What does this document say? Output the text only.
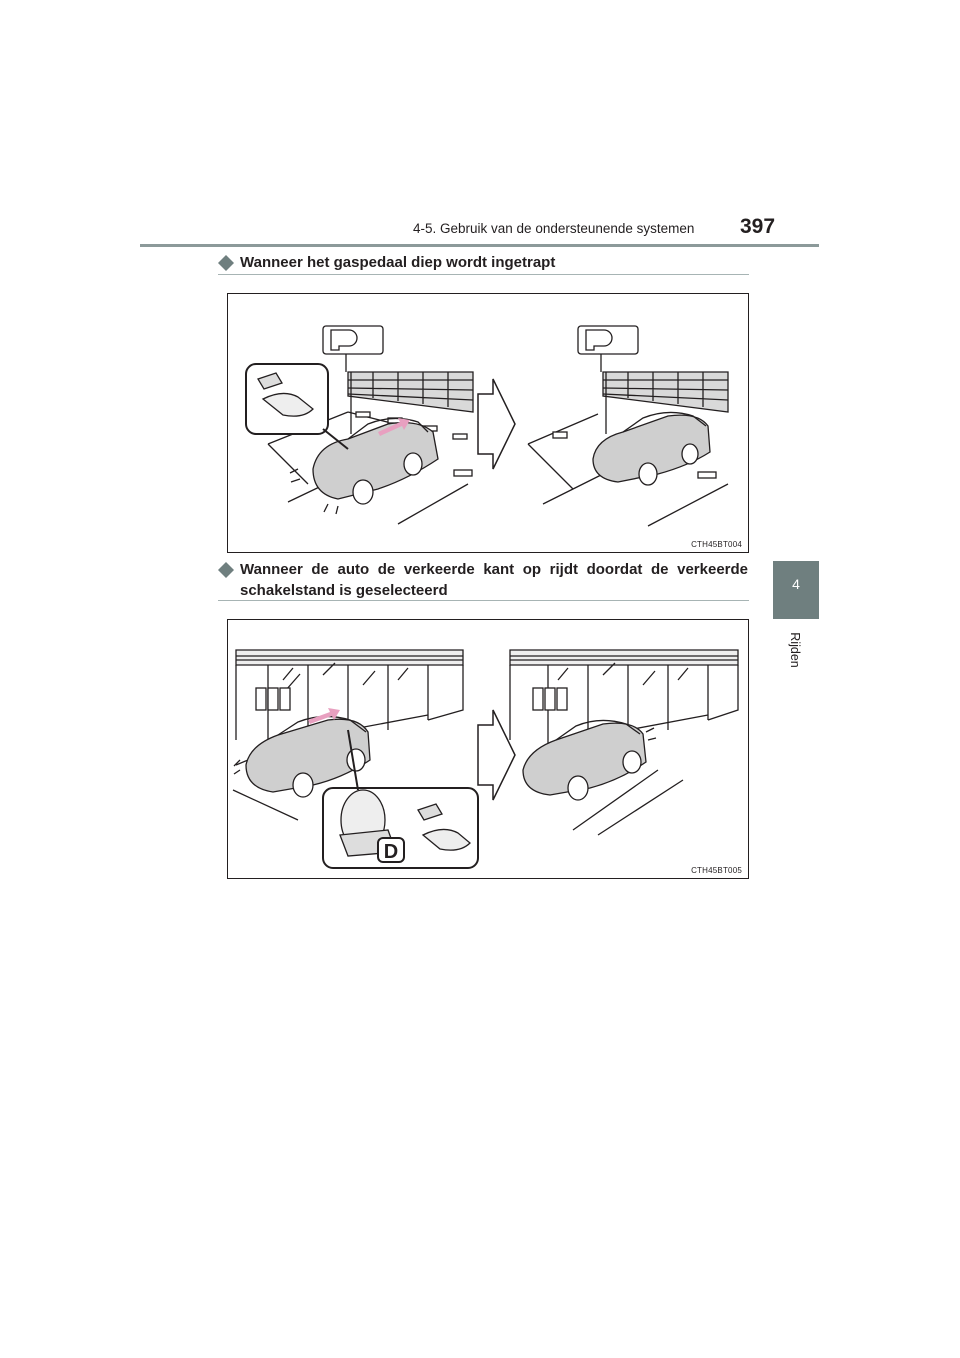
4-5. Gebruik van de ondersteunende systemen 397
4
Rijden
Wanneer het gaspedaal diep wordt ingetrapt
CTH45BT004
Wanneer de auto de verkeerde kant op rijdt doordat de verkeerde schakelstand is geselecteerd
D
CTH45BT005
